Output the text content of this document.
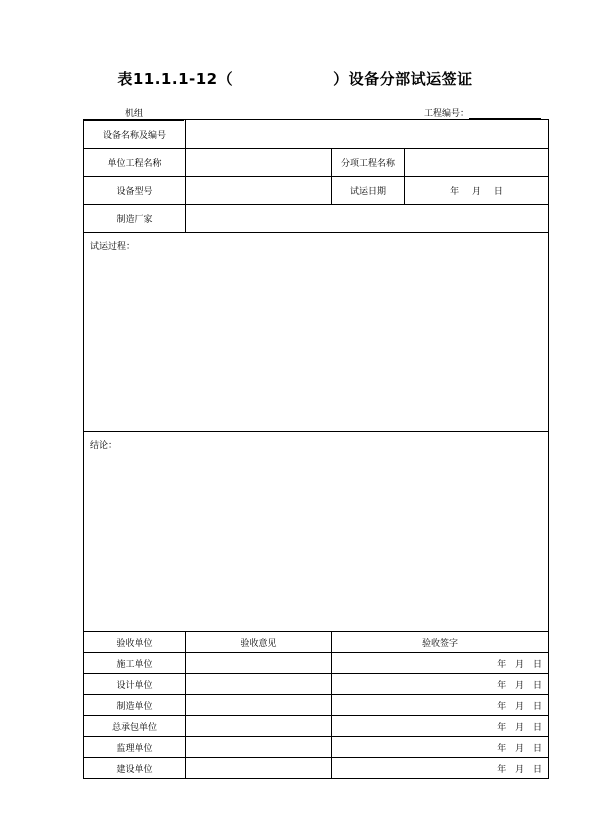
表11.1.1-12（	）设备分部试运签证
机组	工程编号：
设备名称及编号			
单位工程名称		分项工程名称	
设备型号		试运日期	年 月 日
制造厂家			
试运过程：			
结论：			
验收单位	验收意见	验收签字	
施工单位		年 月 日	
设计单位		年 月 日	
制造单位		年 月 日	
总承包单位		年 月 日	
监理单位		年 月 日	
建设单位		年 月 日	
